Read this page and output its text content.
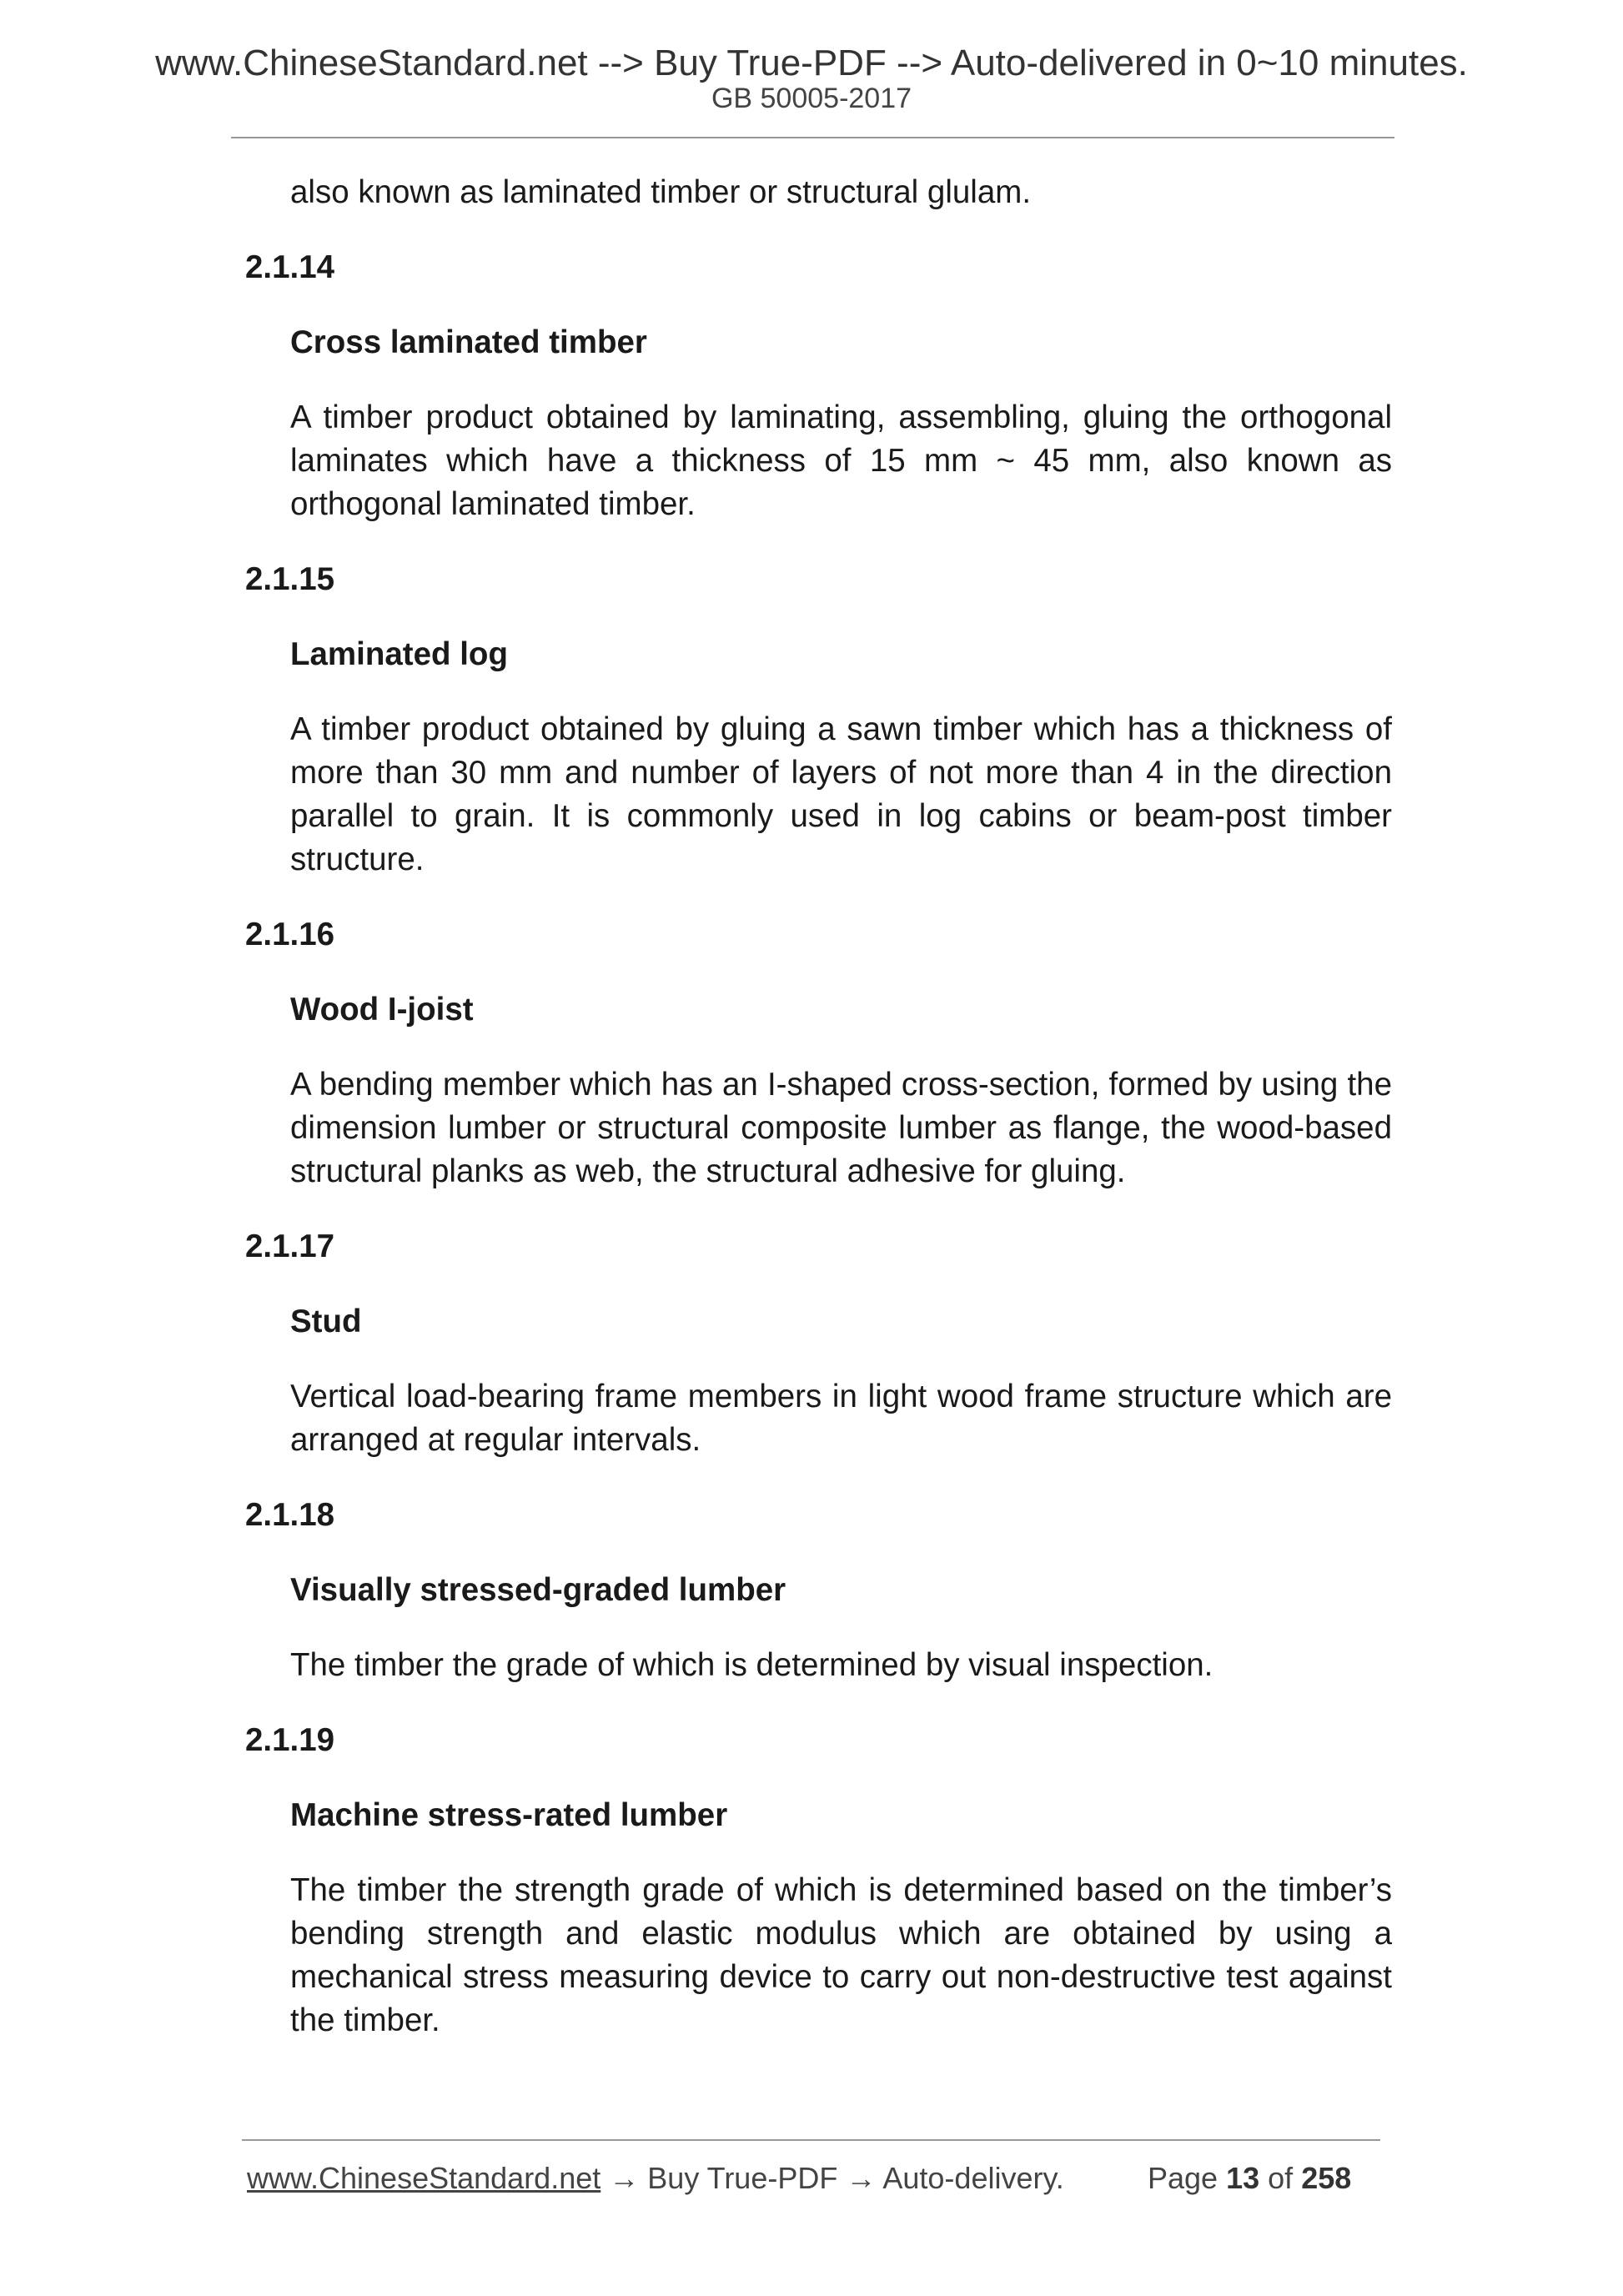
www.ChineseStandard.net --> Buy True-PDF --> Auto-delivered in 0~10 minutes.
GB 50005-2017

also known as laminated timber or structural glulam.

2.1.14
Cross laminated timber

A timber product obtained by laminating, assembling, gluing the orthogonal laminates which have a thickness of 15 mm ~ 45 mm, also known as orthogonal laminated timber.

2.1.15
Laminated log

A timber product obtained by gluing a sawn timber which has a thickness of more than 30 mm and number of layers of not more than 4 in the direction parallel to grain. It is commonly used in log cabins or beam-post timber structure.

2.1.16
Wood I-joist

A bending member which has an I-shaped cross-section, formed by using the dimension lumber or structural composite lumber as flange, the wood-based structural planks as web, the structural adhesive for gluing.

2.1.17
Stud

Vertical load-bearing frame members in light wood frame structure which are arranged at regular intervals.

2.1.18
Visually stressed-graded lumber

The timber the grade of which is determined by visual inspection.

2.1.19
Machine stress-rated lumber

The timber the strength grade of which is determined based on the timber’s bending strength and elastic modulus which are obtained by using a mechanical stress measuring device to carry out non-destructive test against the timber.

www.ChineseStandard.net → Buy True-PDF → Auto-delivery.	Page 13 of 258
